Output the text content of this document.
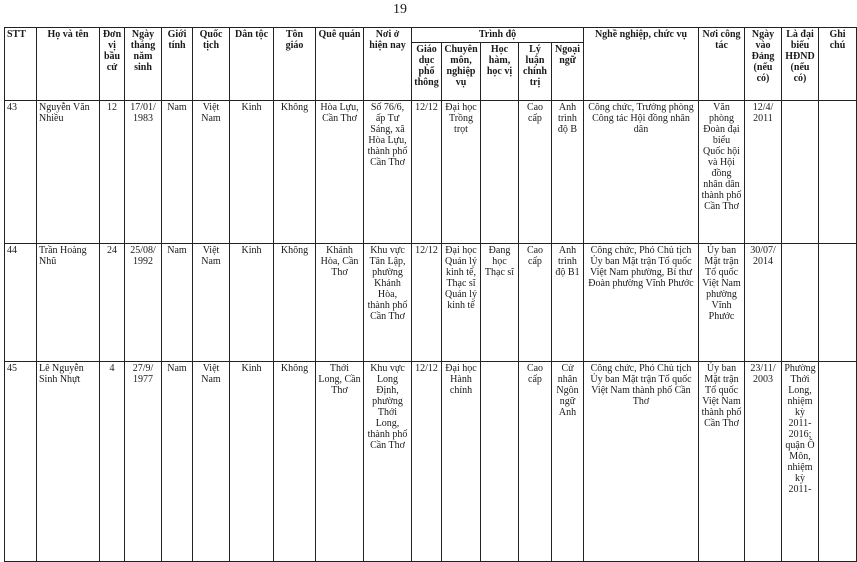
19
STT	Họ và tên	Đơn vị bầu cử	Ngày tháng năm sinh	Giới tính	Quốc tịch	Dân tộc	Tôn giáo	Quê quán	Nơi ở hiện nay	Trình độ					Nghề nghiệp, chức vụ	Nơi công tác	Ngày vào Đảng (nếu có)	Là đại biểu HĐND (nếu có)	Ghi chú
										Giáo dục phổ thông	Chuyên môn, nghiệp vụ	Học hàm, học vị	Lý luận chính trị	Ngoại ngữ					
43	Nguyễn Văn Nhiều	12	17/01/ 1983	Nam	Việt Nam	Kinh	Không	Hòa Lựu, Cần Thơ	Số 76/6, ấp Tư Sáng, xã Hòa Lựu, thành phố Cần Thơ	12/12	Đại học Trồng trọt		Cao cấp	Anh trình độ B	Công chức, Trưởng phòng Công tác Hội đồng nhân dân	Văn phòng Đoàn đại biểu Quốc hội và Hội đồng nhân dân thành phố Cần Thơ	12/4/ 2011		
44	Trần Hoàng Nhũ	24	25/08/ 1992	Nam	Việt Nam	Kinh	Không	Khánh Hòa, Cần Thơ	Khu vực Tân Lập, phường Khánh Hòa, thành phố Cần Thơ	12/12	Đại học Quản lý kinh tế, Thạc sĩ Quản lý kinh tế	Đang học Thạc sĩ	Cao cấp	Anh trình độ B1	Công chức, Phó Chủ tịch Ủy ban Mặt trận Tổ quốc Việt Nam phường, Bí thư Đoàn phường Vĩnh Phước	Ủy ban Mặt trận Tổ quốc Việt Nam phường Vĩnh Phước	30/07/ 2014		
45	Lê Nguyễn Sinh Nhựt	4	27/9/ 1977	Nam	Việt Nam	Kinh	Không	Thới Long, Cần Thơ	Khu vực Long Định, phường Thới Long, thành phố Cần Thơ	12/12	Đại học Hành chính		Cao cấp	Cử nhân Ngôn ngữ Anh	Công chức, Phó Chủ tịch Ủy ban Mặt trận Tổ quốc Việt Nam thành phố Cần Thơ	Ủy ban Mặt trận Tổ quốc Việt Nam thành phố Cần Thơ	23/11/ 2003	Phường Thới Long, nhiệm kỳ 2011-2016; quận Ô Môn, nhiệm kỳ 2011-	
